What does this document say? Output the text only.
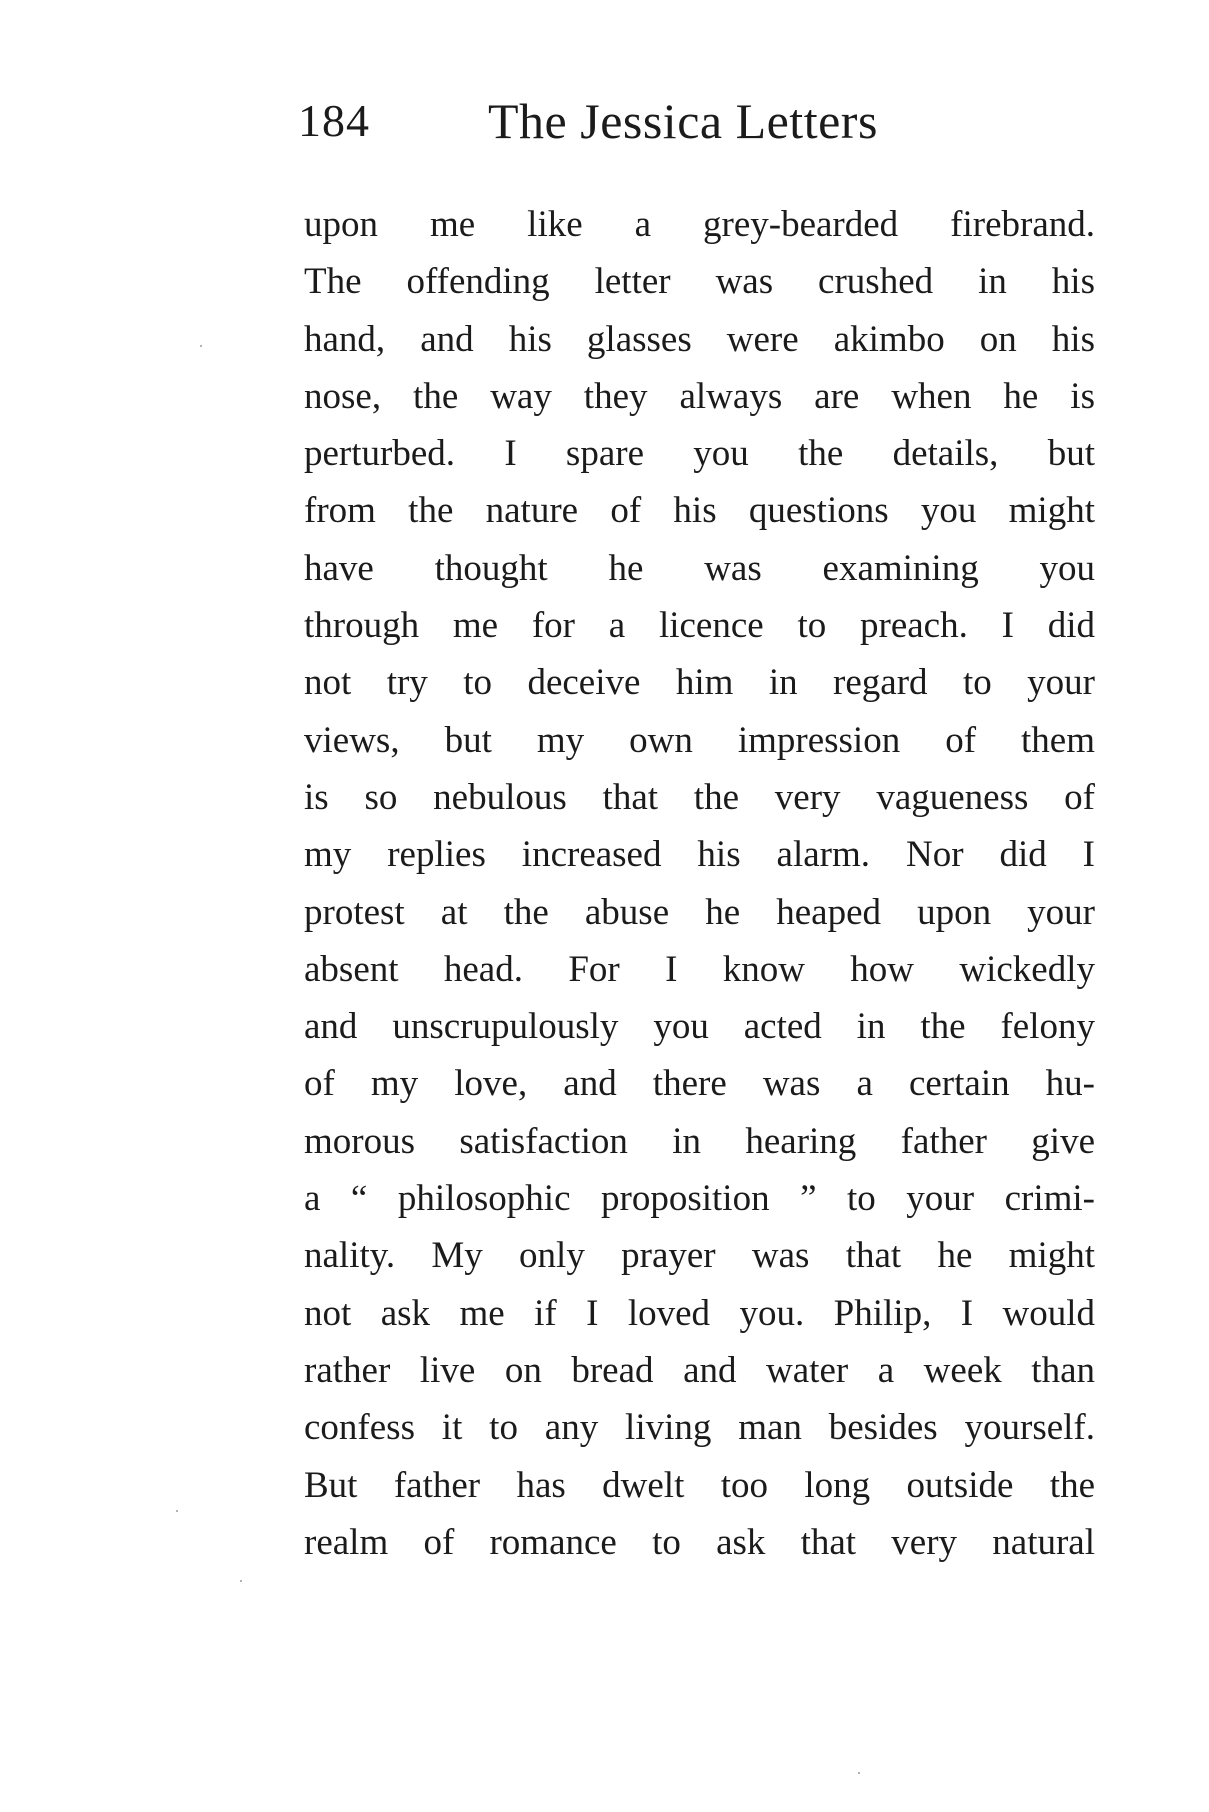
184 The Jessica Letters
upon me like a grey-bearded firebrand.
The offending letter was crushed in his
hand, and his glasses were akimbo on his
nose, the way they always are when he is
perturbed. I spare you the details, but
from the nature of his questions you might
have thought he was examining you
through me for a licence to preach. I did
not try to deceive him in regard to your
views, but my own impression of them
is so nebulous that the very vagueness of
my replies increased his alarm. Nor did I
protest at the abuse he heaped upon your
absent head. For I know how wickedly
and unscrupulously you acted in the felony
of my love, and there was a certain hu-
morous satisfaction in hearing father give
a “ philosophic proposition ” to your crimi-
nality. My only prayer was that he might
not ask me if I loved you. Philip, I would
rather live on bread and water a week than
confess it to any living man besides yourself.
But father has dwelt too long outside the
realm of romance to ask that very natural
